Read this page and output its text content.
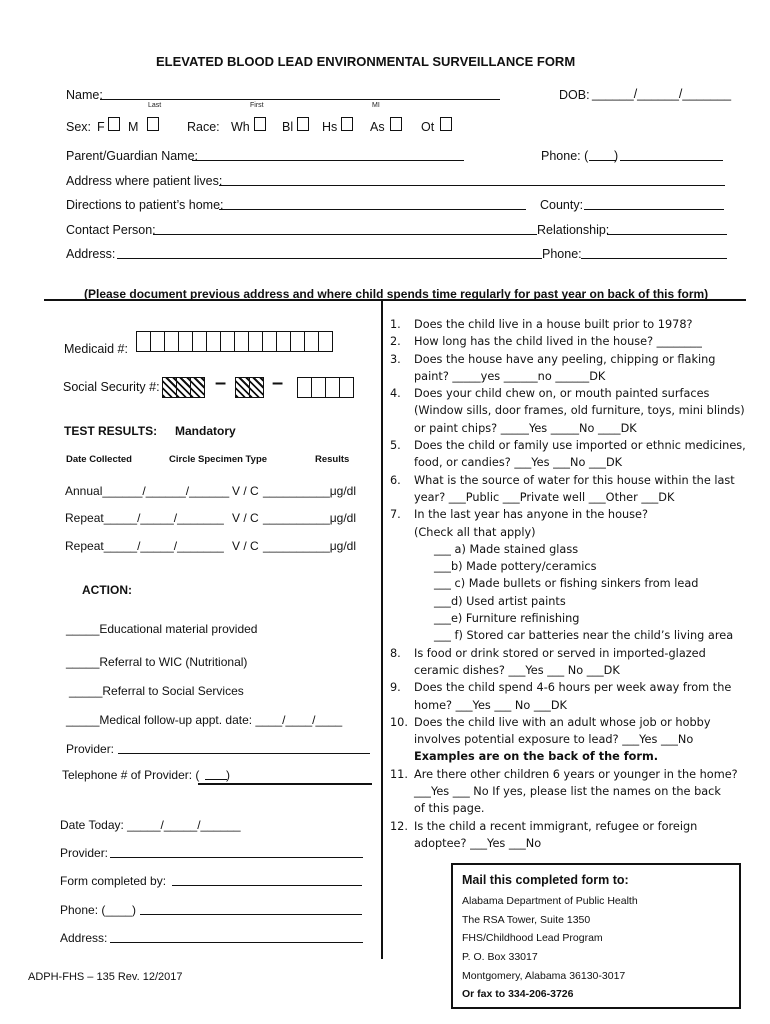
ELEVATED BLOOD LEAD ENVIRONMENTAL SURVEILLANCE FORM
Name:
Last	First	MI
DOB: ______/______/_______
Sex: F M	Race: Wh	Bl Hs	As	Ot
Parent/Guardian Name:	Phone: ( )
Address where patient lives:
Directions to patient’s home:	County:
Contact Person:	Relationship:
Address:	Phone:
(Please document previous address and where child spends time regularly for past year on back of this form)
Medicaid #:
Social Security #:	– –
TEST RESULTS: Mandatory
Date Collected	Circle Specimen Type	Results
Annual______/______/______ V / C __________μg/dl
Repeat_____/_____/_______ V / C __________μg/dl
Repeat_____/_____/_______ V / C __________μg/dl
ACTION:
_____Educational material provided
_____Referral to WIC (Nutritional)
_____Referral to Social Services
_____Medical follow-up appt. date: ____/____/____
Provider:
Telephone # of Provider: ( )
Date Today: _____/_____/______
Provider:
Form completed by:
Phone: (____)
Address:
ADPH-FHS – 135 Rev. 12/2017
1.	Does the child live in a house built prior to 1978?
2.	How long has the child lived in the house? ________
3.	Does the house have any peeling, chipping or flaking
paint? _____yes ______no ______DK
4.	Does your child chew on, or mouth painted surfaces
(Window sills, door frames, old furniture, toys, mini blinds)
or paint chips? _____Yes _____No ____DK
5.	Does the child or family use imported or ethnic medicines,
food, or candies? ___Yes ___No ___DK
6.	What is the source of water for this house within the last
year? ___Public ___Private well ___Other ___DK
7.	In the last year has anyone in the house?
(Check all that apply)
___ a) Made stained glass
___b) Made pottery/ceramics
___ c) Made bullets or fishing sinkers from lead
___d) Used artist paints
___e) Furniture refinishing
___ f) Stored car batteries near the child’s living area
8.	Is food or drink stored or served in imported-glazed
ceramic dishes? ___Yes ___ No ___DK
9.	Does the child spend 4-6 hours per week away from the
home? ___Yes ___ No ___DK
10. Does the child live with an adult whose job or hobby
involves potential exposure to lead? ___Yes ___No
Examples are on the back of the form.
11. Are there other children 6 years or younger in the home?
___Yes ___ No If yes, please list the names on the back
of this page.
12. Is the child a recent immigrant, refugee or foreign
adoptee? ___Yes ___No
Mail this completed form to:
Alabama Department of Public Health
The RSA Tower, Suite 1350
FHS/Childhood Lead Program
P. O. Box 33017
Montgomery, Alabama 36130-3017
Or fax to 334-206-3726
